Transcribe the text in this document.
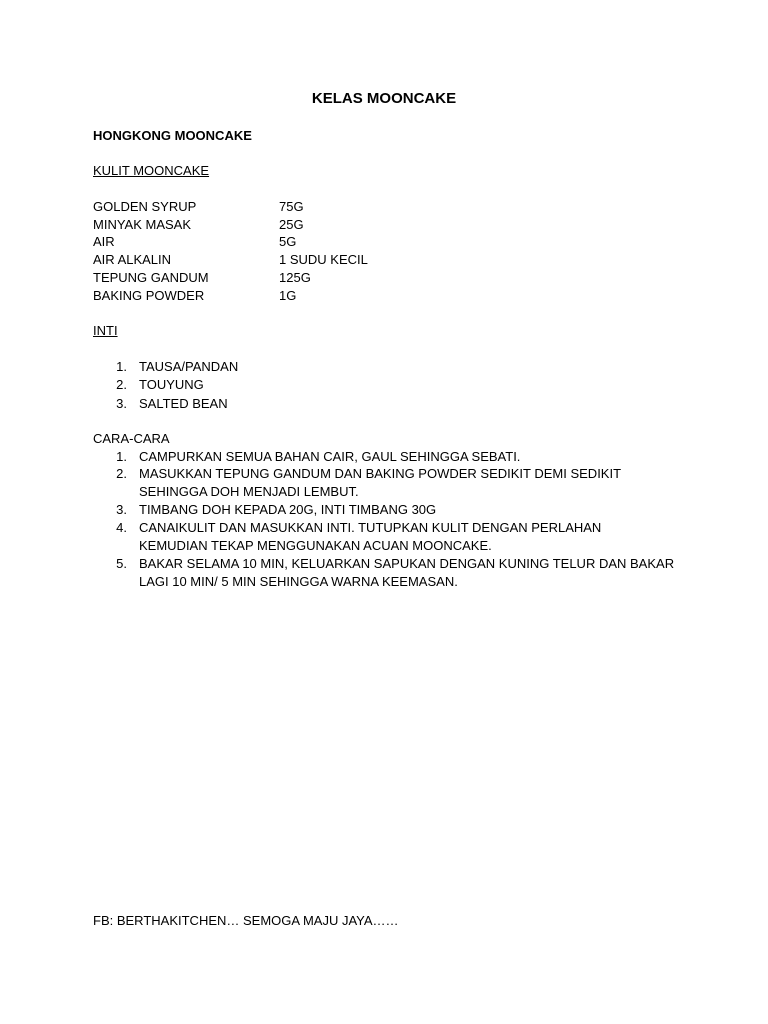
KELAS MOONCAKE
HONGKONG MOONCAKE
KULIT MOONCAKE
GOLDEN SYRUP	75G
MINYAK MASAK	25G
AIR	5G
AIR ALKALIN	1 SUDU KECIL
TEPUNG GANDUM	125G
BAKING POWDER	1G
INTI
1. TAUSA/PANDAN
2. TOUYUNG
3. SALTED BEAN
CARA-CARA
1. CAMPURKAN SEMUA BAHAN CAIR, GAUL SEHINGGA SEBATI.
2. MASUKKAN TEPUNG GANDUM DAN BAKING POWDER SEDIKIT DEMI SEDIKIT
SEHINGGA DOH MENJADI LEMBUT.
3. TIMBANG DOH KEPADA 20G, INTI TIMBANG 30G
4. CANAIKULIT DAN MASUKKAN INTI. TUTUPKAN KULIT DENGAN PERLAHAN
KEMUDIAN TEKAP MENGGUNAKAN ACUAN MOONCAKE.
5. BAKAR SELAMA 10 MIN, KELUARKAN SAPUKAN DENGAN KUNING TELUR DAN BAKAR
LAGI 10 MIN/ 5 MIN SEHINGGA WARNA KEEMASAN.
FB: BERTHAKITCHEN… SEMOGA MAJU JAYA……
